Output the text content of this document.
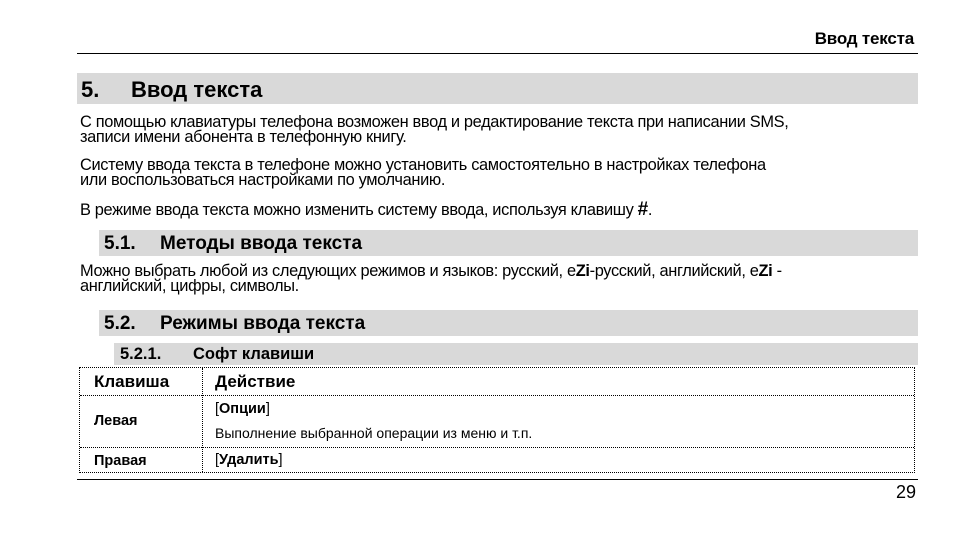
Ввод текста
5. Ввод текста
С помощью клавиатуры телефона возможен ввод и редактирование текста при написании SMS,
записи имени абонента в телефонную книгу.
Систему ввода текста в телефоне можно установить самостоятельно в настройках телефона
или воспользоваться настройками по умолчанию.
В режиме ввода текста можно изменить систему ввода, используя клавишу #.
5.1. Методы ввода текста
Можно выбрать любой из следующих режимов и языков: русский, eZi-русский, английский, eZi -
английский, цифры, символы.
5.2. Режимы ввода текста
5.2.1. Софт клавиши
Клавиша	Действие
Левая
[Опции]
Выполнение выбранной операции из меню и т.п.
Правая	[Удалить]
29
